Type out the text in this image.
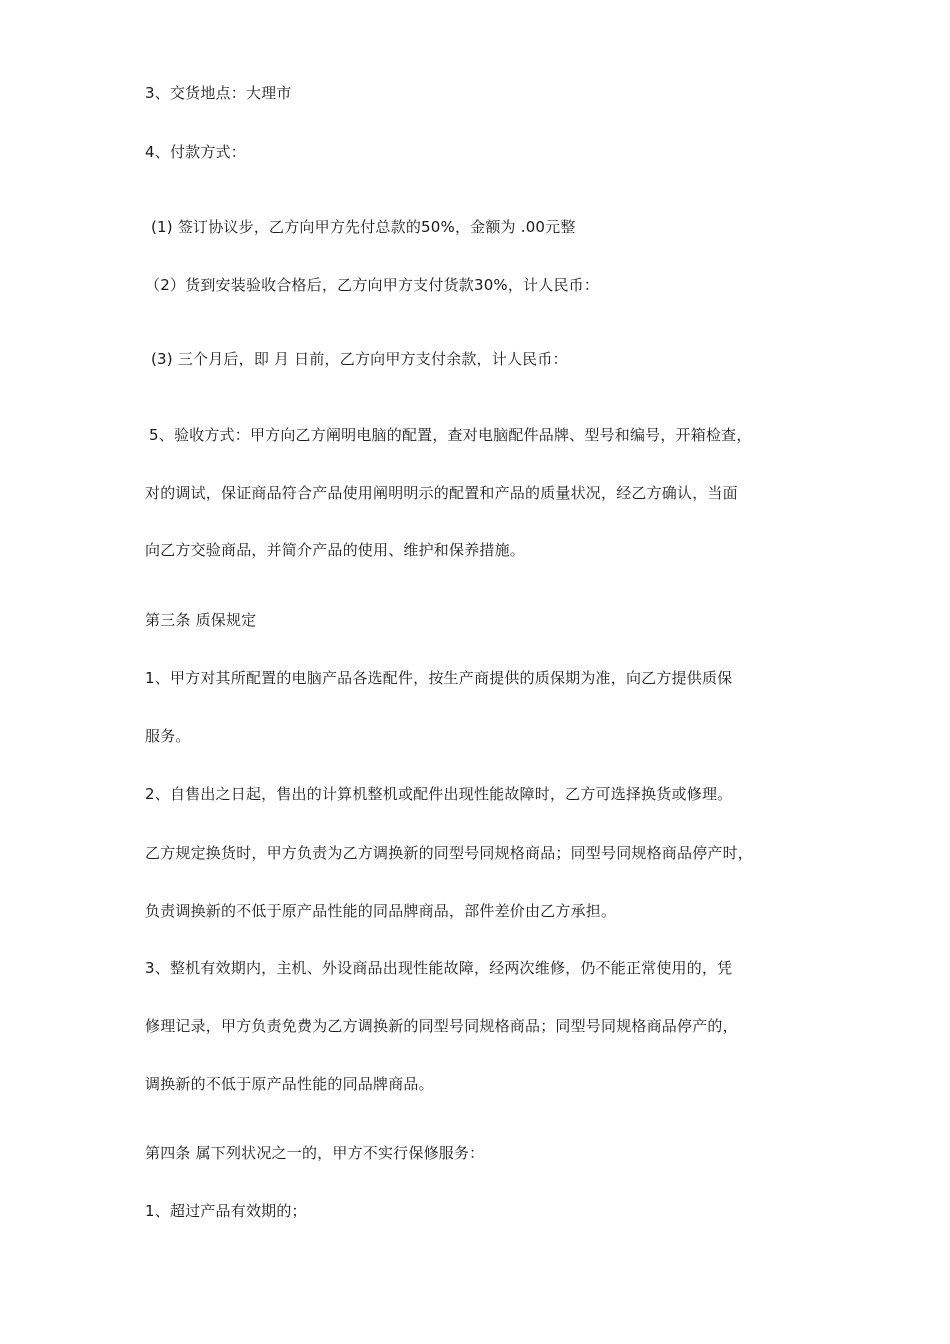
3、交货地点：大理市
4、付款方式：
(1) 签订协议步，乙方向甲方先付总款的50%，金额为 .00元整
（2）货到安装验收合格后，乙方向甲方支付货款30%，计人民币：
(3) 三个月后，即 月 日前，乙方向甲方支付余款，计人民币：
5、验收方式：甲方向乙方阐明电脑的配置，查对电脑配件品牌、型号和编号，开箱检查，
对的调试，保证商品符合产品使用阐明明示的配置和产品的质量状况，经乙方确认，当面
向乙方交验商品，并简介产品的使用、维护和保养措施。
第三条 质保规定
1、甲方对其所配置的电脑产品各选配件，按生产商提供的质保期为准，向乙方提供质保
服务。
2、自售出之日起，售出的计算机整机或配件出现性能故障时，乙方可选择换货或修理。
乙方规定换货时，甲方负责为乙方调换新的同型号同规格商品；同型号同规格商品停产时，
负责调换新的不低于原产品性能的同品牌商品，部件差价由乙方承担。
3、整机有效期内，主机、外设商品出现性能故障，经两次维修，仍不能正常使用的，凭
修理记录，甲方负责免费为乙方调换新的同型号同规格商品；同型号同规格商品停产的，
调换新的不低于原产品性能的同品牌商品。
第四条 属下列状况之一的，甲方不实行保修服务：
1、超过产品有效期的；
